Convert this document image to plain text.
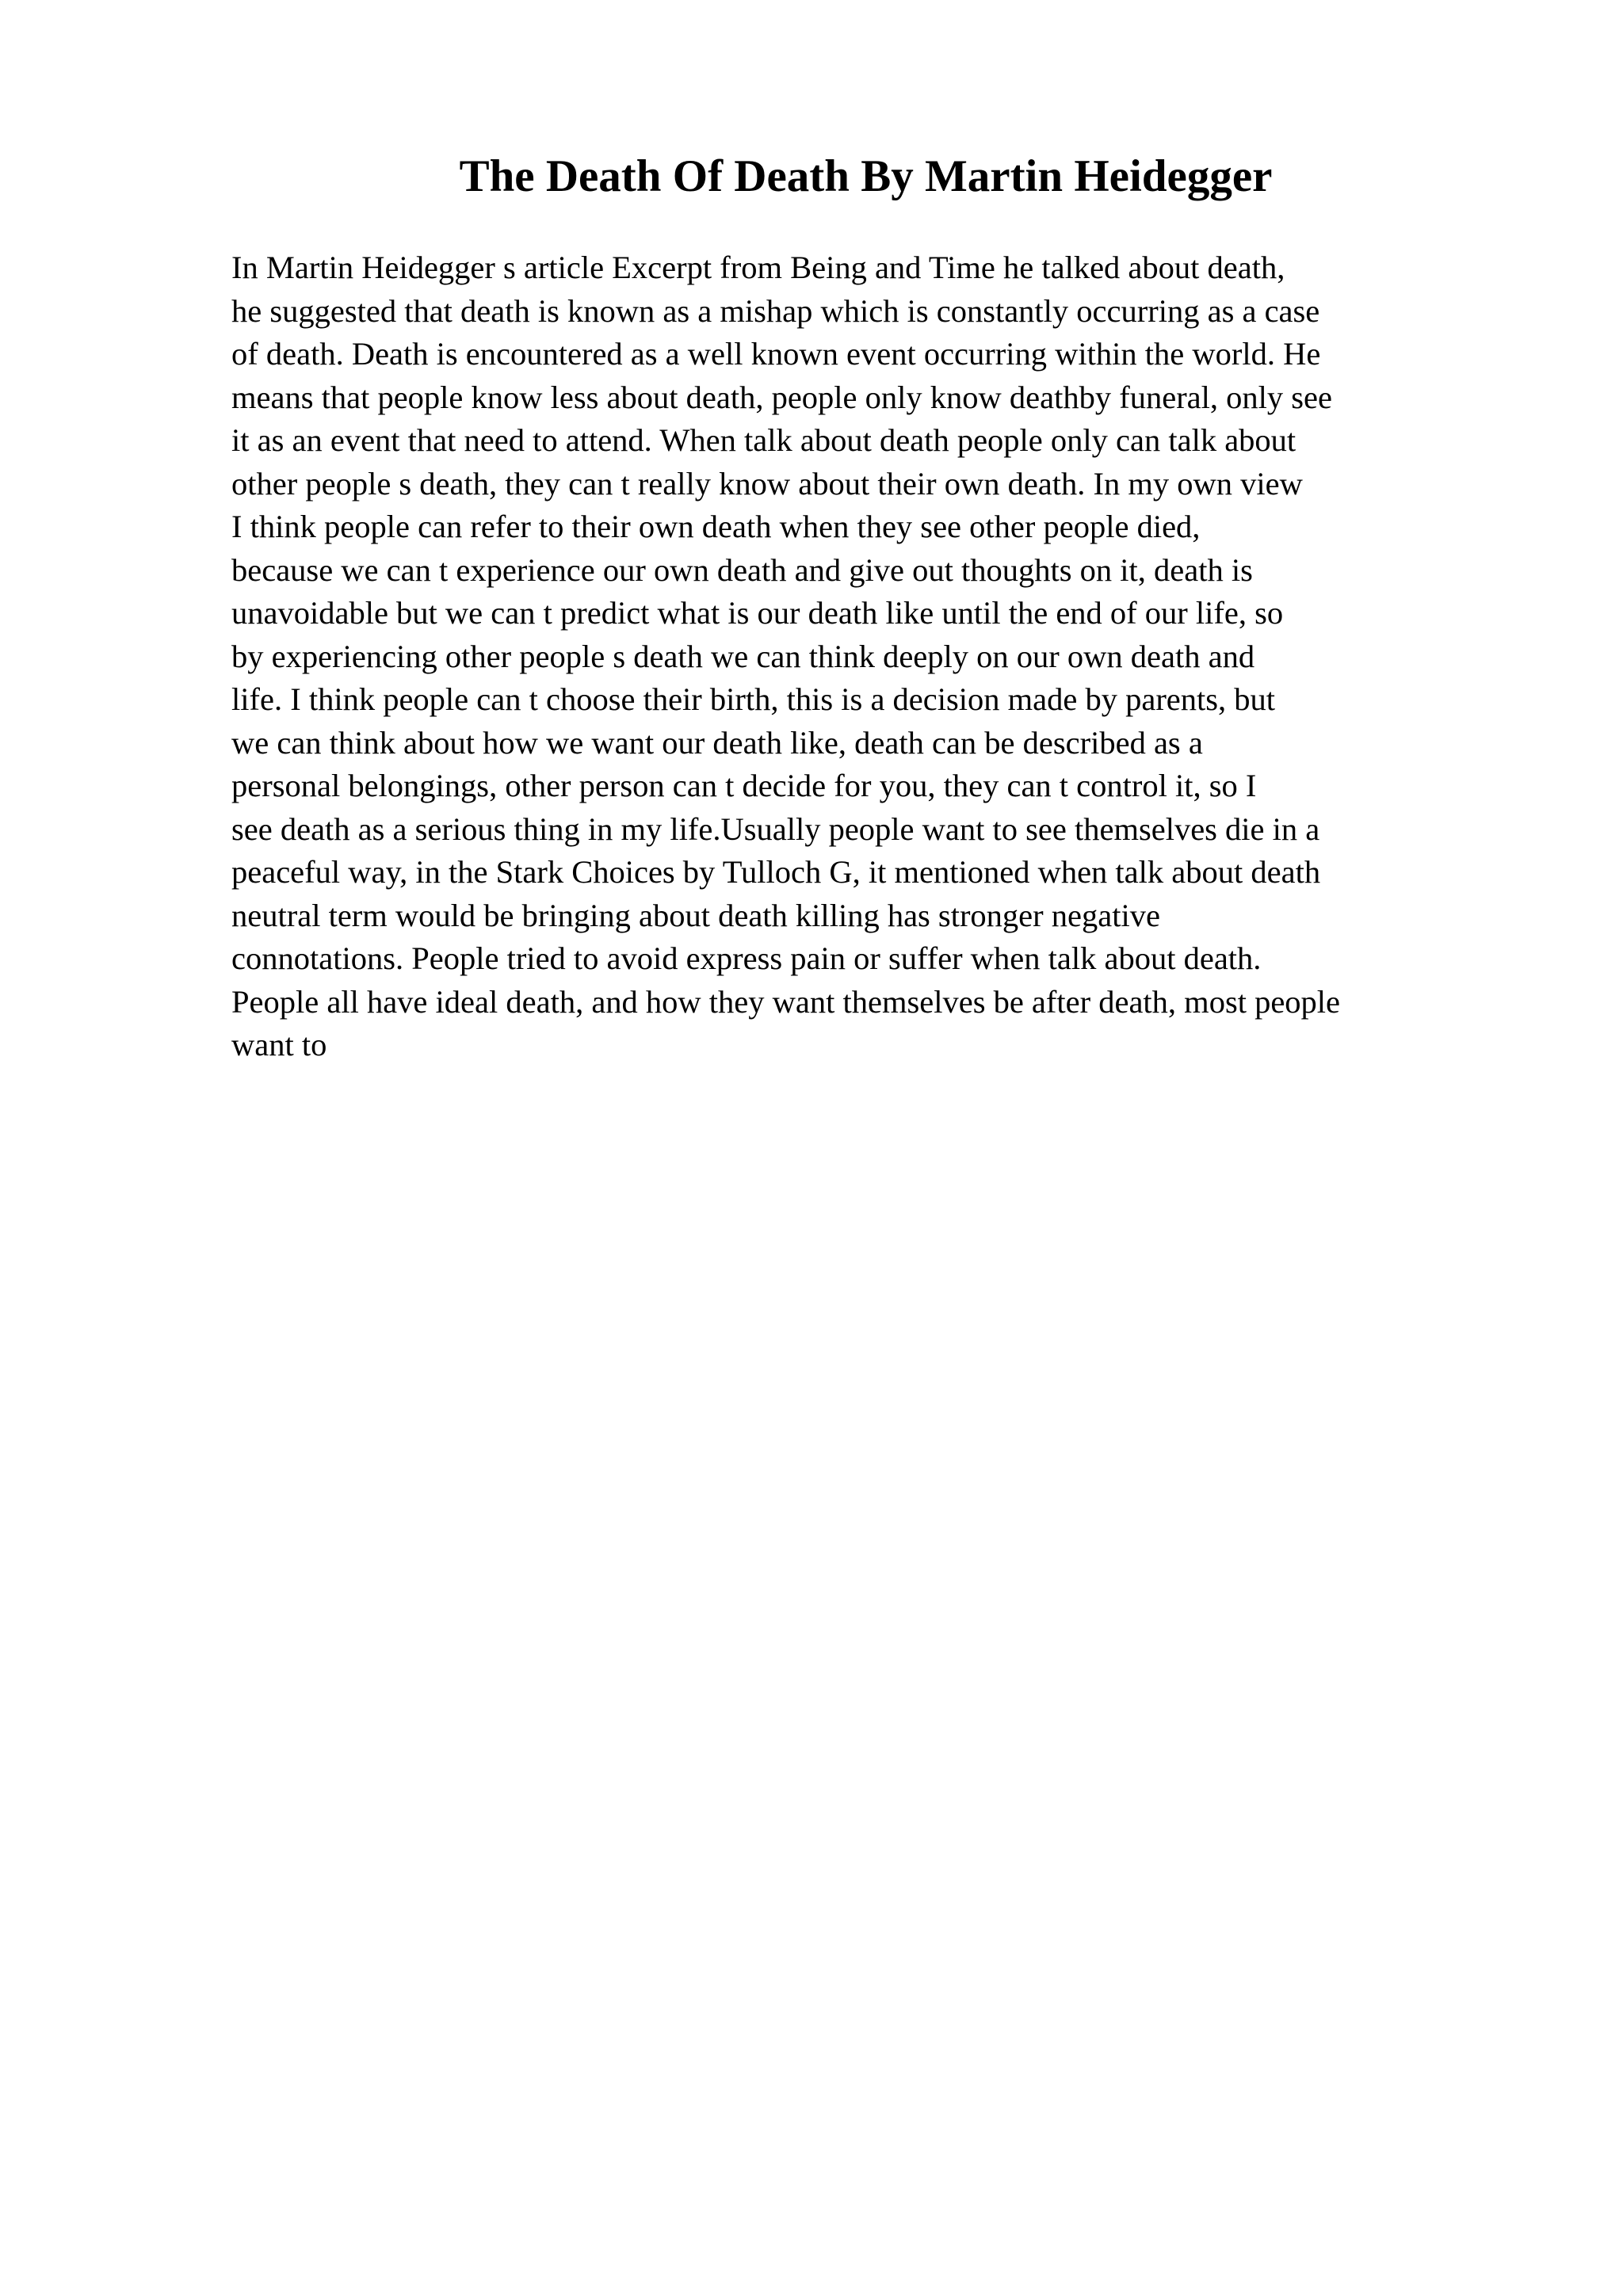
The Death Of Death By Martin Heidegger
In Martin Heidegger s article Excerpt from Being and Time he talked about death,
he suggested that death is known as a mishap which is constantly occurring as a case
of death. Death is encountered as a well known event occurring within the world. He
means that people know less about death, people only know deathby funeral, only see
it as an event that need to attend. When talk about death people only can talk about
other people s death, they can t really know about their own death. In my own view
I think people can refer to their own death when they see other people died,
because we can t experience our own death and give out thoughts on it, death is
unavoidable but we can t predict what is our death like until the end of our life, so
by experiencing other people s death we can think deeply on our own death and
life. I think people can t choose their birth, this is a decision made by parents, but
we can think about how we want our death like, death can be described as a
personal belongings, other person can t decide for you, they can t control it, so I
see death as a serious thing in my life.Usually people want to see themselves die in a
peaceful way, in the Stark Choices by Tulloch G, it mentioned when talk about death
neutral term would be bringing about death killing has stronger negative
connotations. People tried to avoid express pain or suffer when talk about death.
People all have ideal death, and how they want themselves be after death, most people
want to
